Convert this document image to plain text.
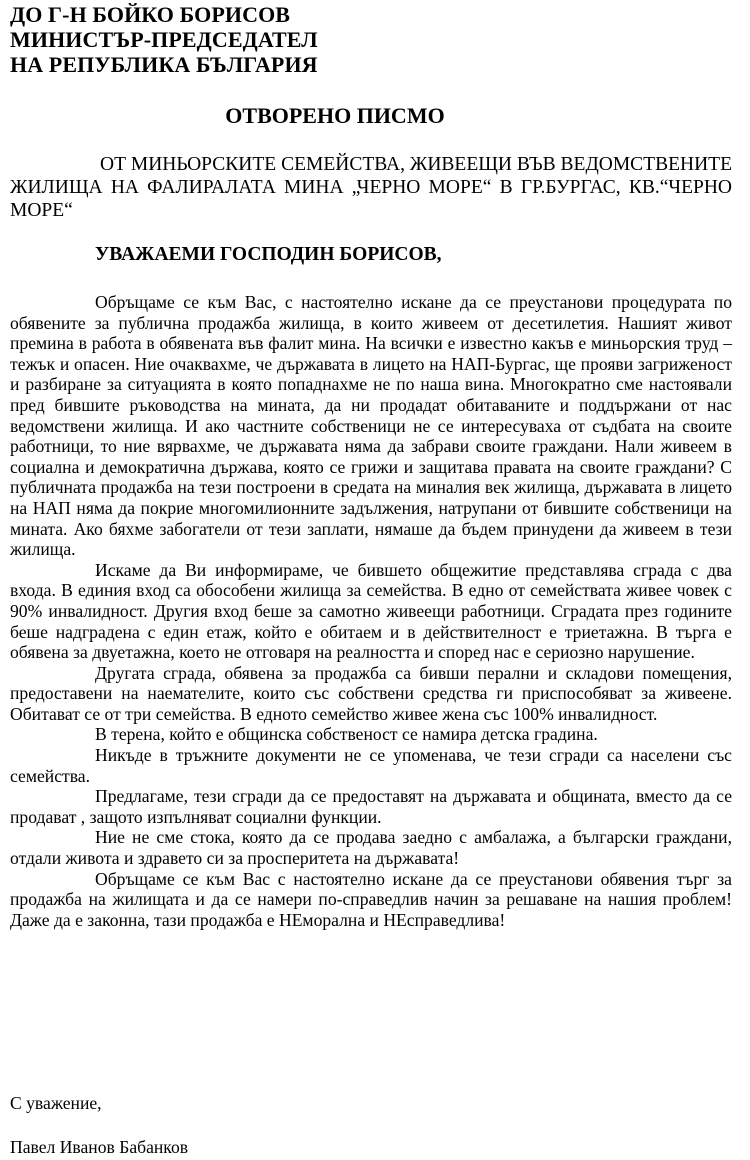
ДО Г-Н БОЙКО БОРИСОВ
МИНИСТЪР-ПРЕДСЕДАТЕЛ
НА РЕПУБЛИКА БЪЛГАРИЯ
ОТВОРЕНО ПИСМО
ОТ МИНЬОРСКИТЕ СЕМЕЙСТВА, ЖИВЕЕЩИ ВЪВ ВЕДОМСТВЕНИТЕ ЖИЛИЩА НА ФАЛИРАЛАТА МИНА „ЧЕРНО МОРЕ“ В ГР.БУРГАС, КВ.“ЧЕРНО МОРЕ“
УВАЖАЕМИ ГОСПОДИН БОРИСОВ,

Обръщаме се към Вас, с настоятелно искане да се преустанови процедурата по обявените за публична продажба жилища, в които живеем от десетилетия. Нашият живот премина в работа в обявената във фалит мина. На всички е известно какъв е миньорския труд – тежък и опасен. Ние очаквахме, че държавата в лицето на НАП-Бургас, ще прояви загриженост и разбиране за ситуацията в която попаднахме не по наша вина. Многократно сме настоявали пред бившите ръководства на мината, да ни продадат обитаваните и поддържани от нас ведомствени жилища. И ако частните собственици не се интересуваха от съдбата на своите работници, то ние вярвахме, че държавата няма да забрави своите граждани. Нали живеем в социална и демократична държава, която се грижи и защитава правата на своите граждани? С публичната продажба на тези построени в средата на миналия век жилища, държавата в лицето на НАП няма да покрие многомилионните задължения, натрупани от бившите собственици на мината. Ако бяхме забогатели от тези заплати, нямаше да бъдем принудени да живеем в тези жилища.

Искаме да Ви информираме, че бившето общежитие представлява сграда с два входа. В единия вход са обособени жилища за семейства. В едно от семействата живее човек с 90% инвалидност. Другия вход беше за самотно живеещи работници. Сградата през годините беше надградена с един етаж, който е обитаем и в действителност е триетажна. В търга е обявена за двуетажна, което не отговаря на реалността и според нас е сериозно нарушение.

Другата сграда, обявена за продажба са бивши перални и складови помещения, предоставени на наемателите, които със собствени средства ги приспособяват за живеене. Обитават се от три семейства. В едното семейство живее жена със 100% инвалидност.

В терена, който е общинска собственост се намира детска градина.

Никъде в тръжните документи не се упоменава, че тези сгради са населени със семейства.

Предлагаме, тези сгради да се предоставят на държавата и общината, вместо да се продават , защото изпълняват социални функции.

Ние не сме стока, която да се продава заедно с амбалажа, а български граждани, отдали живота и здравето си за просперитета на държавата!

Обръщаме се към Вас с настоятелно искане да се преустанови обявения търг за продажба на жилищата и да се намери по-справедлив начин за решаване на нашия проблем! Даже да е законна, тази продажба е НЕморална и НЕсправедлива!

С уважение,
Павел Иванов Бабанков
